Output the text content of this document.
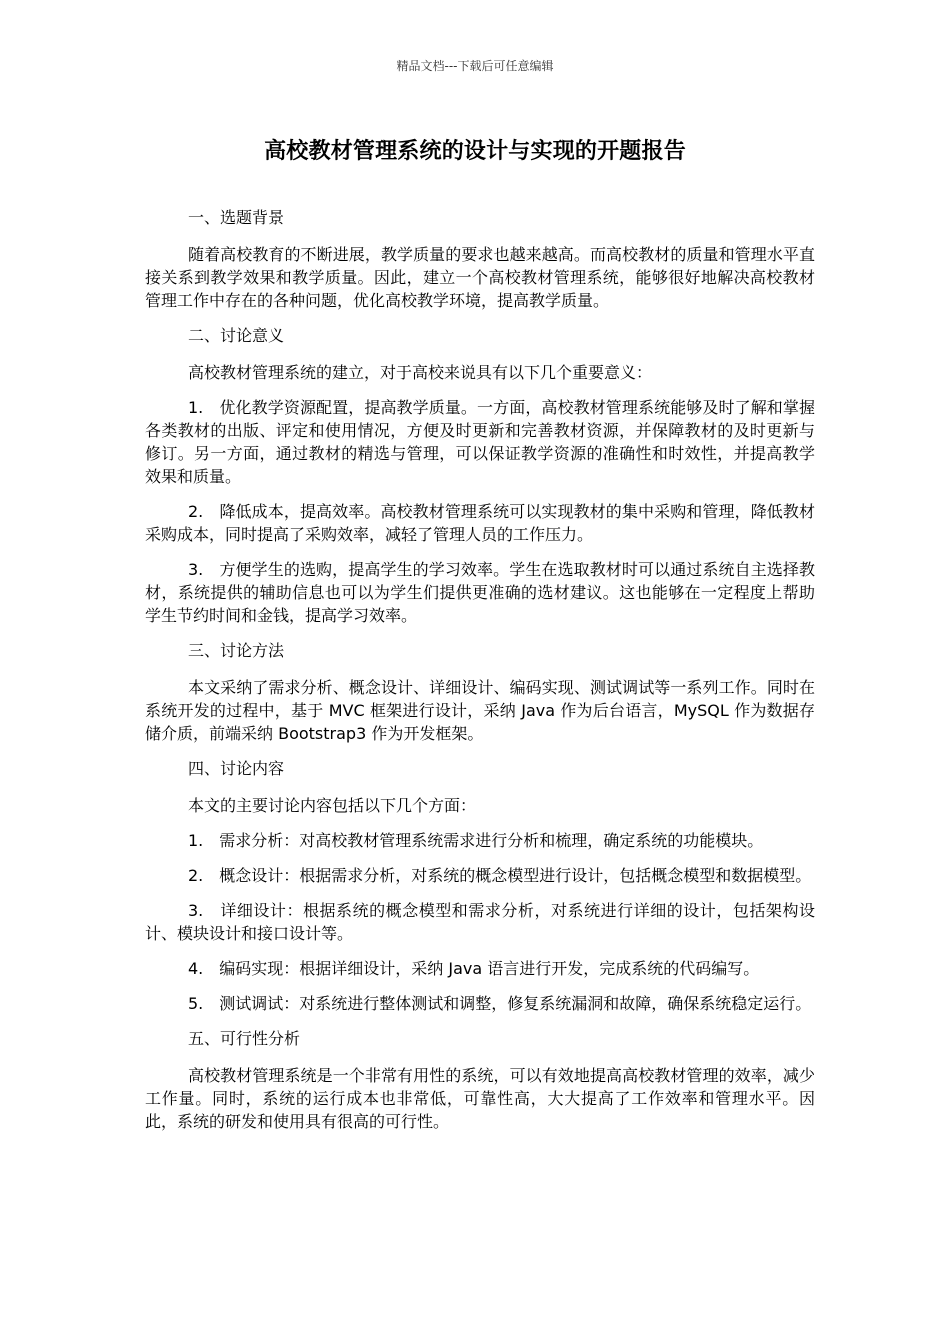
精品文档---下载后可任意编辑
高校教材管理系统的设计与实现的开题报告

一、选题背景

随着高校教育的不断进展，教学质量的要求也越来越高。而高校教材的质量和管理水平直接关系到教学效果和教学质量。因此，建立一个高校教材管理系统，能够很好地解决高校教材管理工作中存在的各种问题，优化高校教学环境，提高教学质量。

二、讨论意义

高校教材管理系统的建立，对于高校来说具有以下几个重要意义：

1.　优化教学资源配置，提高教学质量。一方面，高校教材管理系统能够及时了解和掌握各类教材的出版、评定和使用情况，方便及时更新和完善教材资源，并保障教材的及时更新与修订。另一方面，通过教材的精选与管理，可以保证教学资源的准确性和时效性，并提高教学效果和质量。

2.　降低成本，提高效率。高校教材管理系统可以实现教材的集中采购和管理，降低教材采购成本，同时提高了采购效率，减轻了管理人员的工作压力。

3.　方便学生的选购，提高学生的学习效率。学生在选取教材时可以通过系统自主选择教材，系统提供的辅助信息也可以为学生们提供更准确的选材建议。这也能够在一定程度上帮助学生节约时间和金钱，提高学习效率。

三、讨论方法

本文采纳了需求分析、概念设计、详细设计、编码实现、测试调试等一系列工作。同时在系统开发的过程中，基于 MVC 框架进行设计，采纳 Java 作为后台语言，MySQL 作为数据存储介质，前端采纳 Bootstrap3 作为开发框架。

四、讨论内容

本文的主要讨论内容包括以下几个方面：

1.　需求分析：对高校教材管理系统需求进行分析和梳理，确定系统的功能模块。

2.　概念设计：根据需求分析，对系统的概念模型进行设计，包括概念模型和数据模型。

3.　详细设计：根据系统的概念模型和需求分析，对系统进行详细的设计，包括架构设计、模块设计和接口设计等。

4.　编码实现：根据详细设计，采纳 Java 语言进行开发，完成系统的代码编写。

5.　测试调试：对系统进行整体测试和调整，修复系统漏洞和故障，确保系统稳定运行。

五、可行性分析

高校教材管理系统是一个非常有用性的系统，可以有效地提高高校教材管理的效率，减少工作量。同时，系统的运行成本也非常低，可靠性高，大大提高了工作效率和管理水平。因此，系统的研发和使用具有很高的可行性。
